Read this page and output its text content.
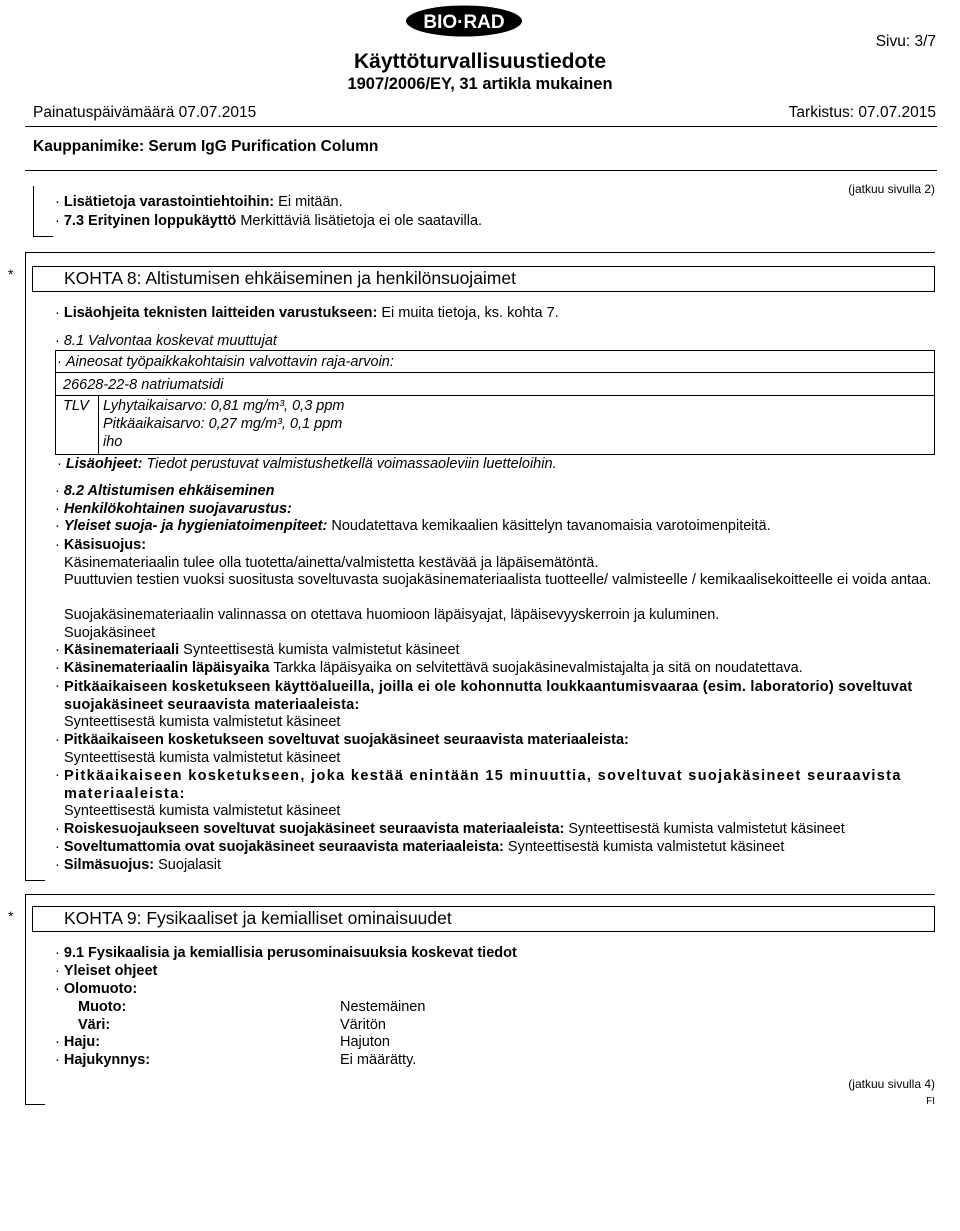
BIO·RAD
Sivu: 3/7
Käyttöturvallisuustiedote
1907/2006/EY, 31 artikla mukainen
Painatuspäivämäärä 07.07.2015	Tarkistus: 07.07.2015
Kauppanimike: Serum IgG Purification Column
(jatkuu sivulla 2)
· Lisätietoja varastointiehtoihin: Ei mitään.
· 7.3 Erityinen loppukäyttö Merkittäviä lisätietoja ei ole saatavilla.
*	KOHTA 8: Altistumisen ehkäiseminen ja henkilönsuojaimet
· Lisäohjeita teknisten laitteiden varustukseen: Ei muita tietoja, ks. kohta 7.
· 8.1 Valvontaa koskevat muuttujat
· Aineosat työpaikkakohtaisin valvottavin raja-arvoin:
26628-22-8 natriumatsidi
TLV Lyhytaikaisarvo: 0,81 mg/m³, 0,3 ppm
Pitkäaikaisarvo: 0,27 mg/m³, 0,1 ppm
iho
· Lisäohjeet: Tiedot perustuvat valmistushetkellä voimassaoleviin luetteloihin.
· 8.2 Altistumisen ehkäiseminen
· Henkilökohtainen suojavarustus:
· Yleiset suoja- ja hygieniatoimenpiteet: Noudatettava kemikaalien käsittelyn tavanomaisia varotoimenpiteitä.
· Käsisuojus:
Käsinemateriaalin tulee olla tuotetta/ainetta/valmistetta kestävää ja läpäisemätöntä.
Puuttuvien testien vuoksi suositusta soveltuvasta suojakäsinemateriaalista tuotteelle/ valmisteelle / kemikaalisekoitteelle ei voida antaa.
Suojakäsinemateriaalin valinnassa on otettava huomioon läpäisyajat, läpäisevyyskerroin ja kuluminen.
Suojakäsineet
· Käsinemateriaali Synteettisestä kumista valmistetut käsineet
· Käsinemateriaalin läpäisyaika Tarkka läpäisyaika on selvitettävä suojakäsinevalmistajalta ja sitä on noudatettava.
· Pitkäaikaiseen kosketukseen käyttöalueilla, joilla ei ole kohonnutta loukkaantumisvaaraa (esim. laboratorio) soveltuvat suojakäsineet seuraavista materiaaleista:
Synteettisestä kumista valmistetut käsineet
· Pitkäaikaiseen kosketukseen soveltuvat suojakäsineet seuraavista materiaaleista:
Synteettisestä kumista valmistetut käsineet
· Pitkäaikaiseen kosketukseen, joka kestää enintään 15 minuuttia, soveltuvat suojakäsineet seuraavista materiaaleista:
Synteettisestä kumista valmistetut käsineet
· Roiskesuojaukseen soveltuvat suojakäsineet seuraavista materiaaleista: Synteettisestä kumista valmistetut käsineet
· Soveltumattomia ovat suojakäsineet seuraavista materiaaleista: Synteettisestä kumista valmistetut käsineet
· Silmäsuojus: Suojalasit
*	KOHTA 9: Fysikaaliset ja kemialliset ominaisuudet
· 9.1 Fysikaalisia ja kemiallisia perusominaisuuksia koskevat tiedot
· Yleiset ohjeet
· Olomuoto:
Muoto:	Nestemäinen
Väri:	Väritön
· Haju:	Hajuton
· Hajukynnys:	Ei määrätty.
(jatkuu sivulla 4)
FI
